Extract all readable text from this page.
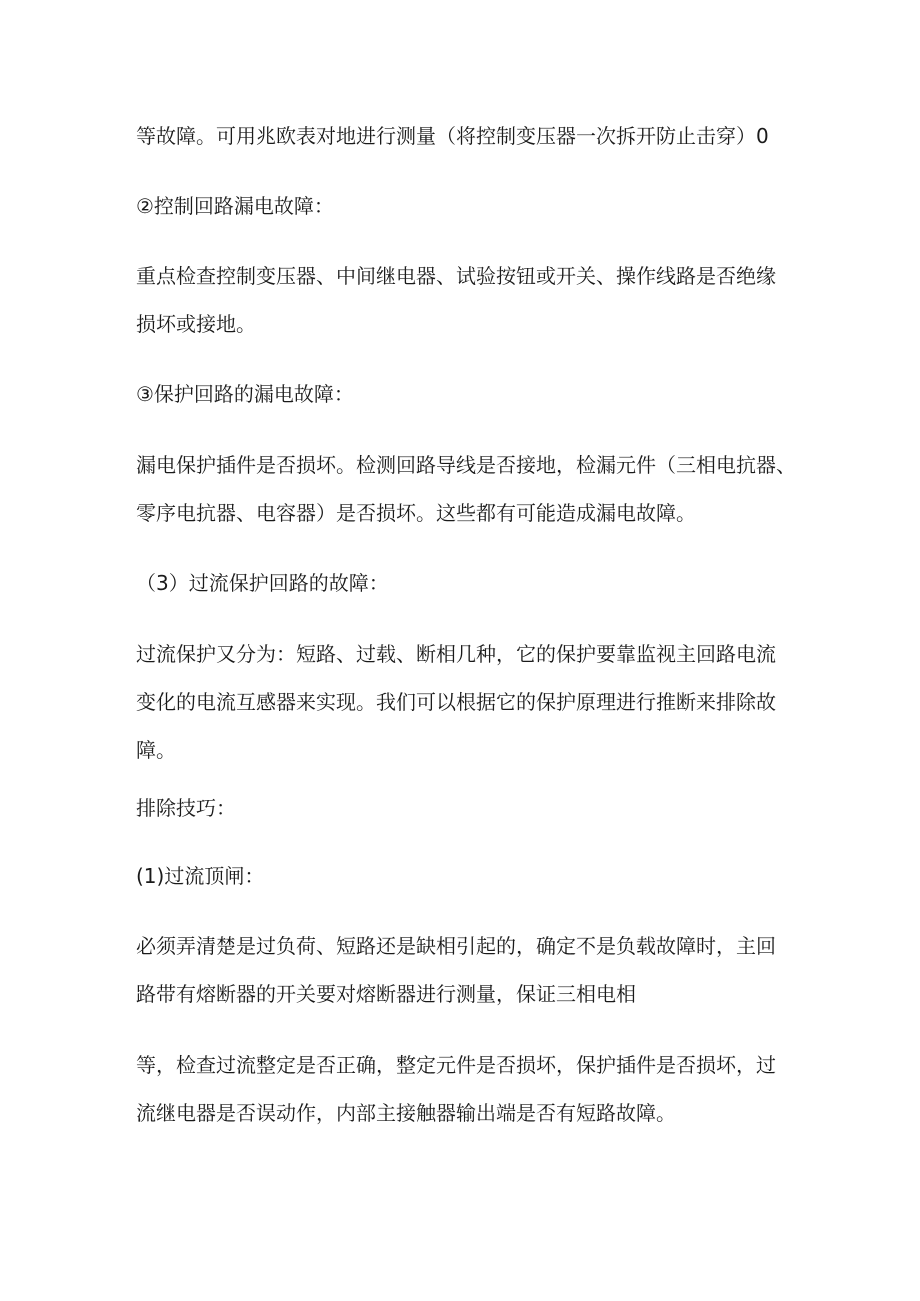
等故障。可用兆欧表对地进行测量（将控制变压器一次拆开防止击穿）0

②控制回路漏电故障：

重点检查控制变压器、中间继电器、试验按钮或开关、操作线路是否绝缘

损坏或接地。

③保护回路的漏电故障：

漏电保护插件是否损坏。检测回路导线是否接地，检漏元件（三相电抗器、

零序电抗器、电容器）是否损坏。这些都有可能造成漏电故障。

（3）过流保护回路的故障：

过流保护又分为：短路、过载、断相几种，它的保护要靠监视主回路电流

变化的电流互感器来实现。我们可以根据它的保护原理进行推断来排除故

障。

排除技巧：

(1)过流顶闸：

必须弄清楚是过负荷、短路还是缺相引起的，确定不是负载故障时，主回

路带有熔断器的开关要对熔断器进行测量，保证三相电相

等，检查过流整定是否正确，整定元件是否损坏，保护插件是否损坏，过

流继电器是否误动作，内部主接触器输出端是否有短路故障。
